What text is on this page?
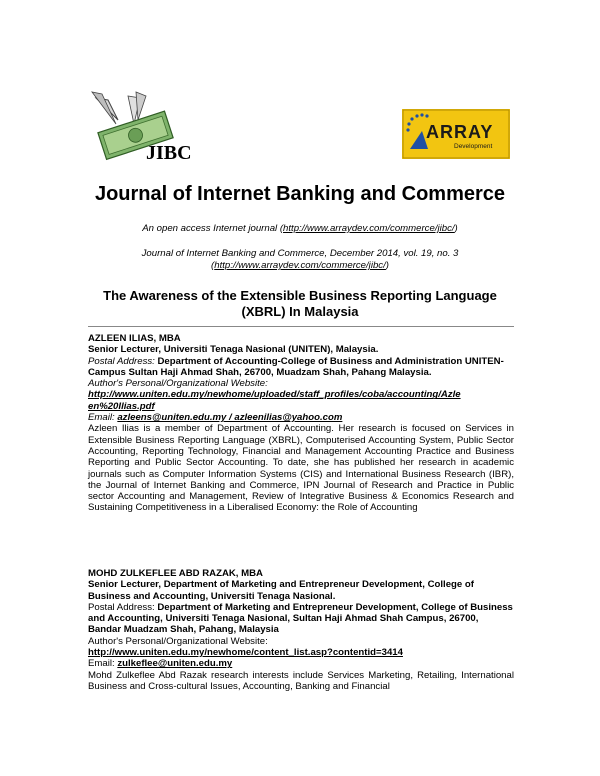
JIBC
ARRAY
Development
Journal of Internet Banking and Commerce
An open access Internet journal (http://www.arraydev.com/commerce/jibc/)
Journal of Internet Banking and Commerce, December 2014, vol. 19, no. 3
(http://www.arraydev.com/commerce/jibc/)
The Awareness of the Extensible Business Reporting Language
(XBRL) In Malaysia

AZLEEN ILIAS, MBA

Senior Lecturer, Universiti Tenaga Nasional (UNITEN), Malaysia.

Postal Address: Department of Accounting-College of Business and Administration UNITEN-Campus Sultan Haji Ahmad Shah, 26700, Muadzam Shah, Pahang Malaysia.

Author's Personal/Organizational Website:

http://www.uniten.edu.my/newhome/uploaded/staff_profiles/coba/accounting/Azle
en%20Ilias.pdf

Email: azleens@uniten.edu.my / azleenilias@yahoo.com

Azleen Ilias is a member of Department of Accounting. Her research is focused on Services in Extensible Business Reporting Language (XBRL), Computerised Accounting System, Public Sector Accounting, Reporting Technology, Financial and Management Accounting Practice and Business Reporting and Public Sector Accounting. To date, she has published her research in academic journals such as Computer Information Systems (CIS) and International Business Research (IBR), the Journal of Internet Banking and Commerce, IPN Journal of Research and Practice in Public sector Accounting and Management, Review of Integrative Business & Economics Research and Sustaining Competitiveness in a Liberalised Economy: the Role of Accounting

MOHD ZULKEFLEE ABD RAZAK, MBA

Senior Lecturer, Department of Marketing and Entrepreneur Development, College of Business and Accounting, Universiti Tenaga Nasional.

Postal Address: Department of Marketing and Entrepreneur Development, College of Business and Accounting, Universiti Tenaga Nasional, Sultan Haji Ahmad Shah Campus, 26700, Bandar Muadzam Shah, Pahang, Malaysia

Author's Personal/Organizational Website:

http://www.uniten.edu.my/newhome/content_list.asp?contentid=3414

Email: zulkeflee@uniten.edu.my

Mohd Zulkeflee Abd Razak research interests include Services Marketing, Retailing, International Business and Cross-cultural Issues, Accounting, Banking and Financial
